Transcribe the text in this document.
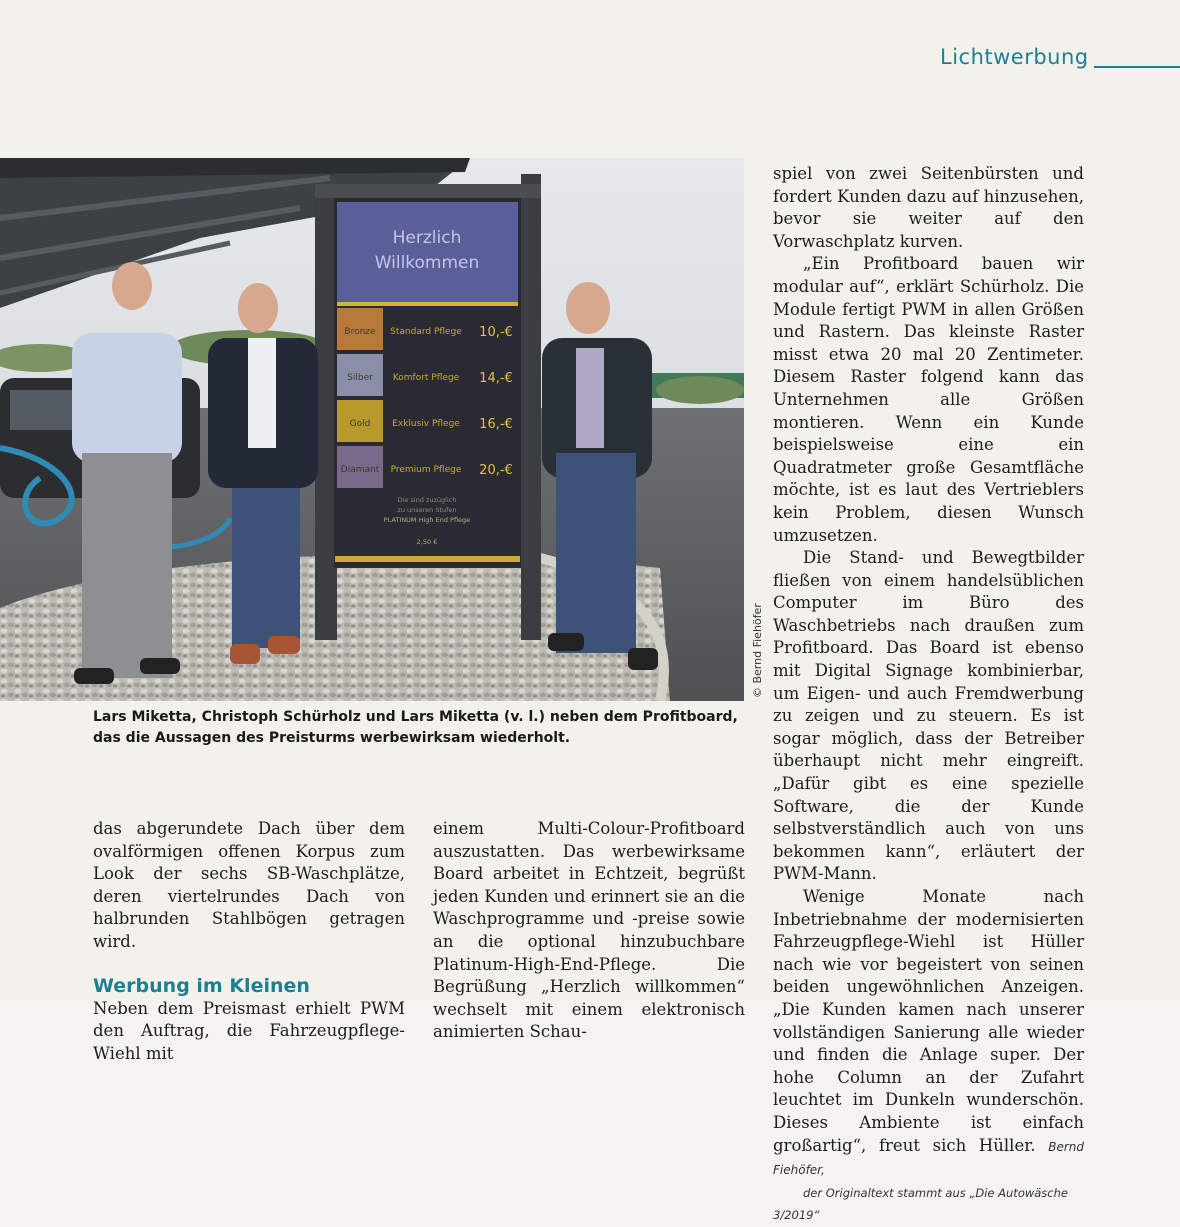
Lichtwerbung
Herzlich
Willkommen
Bronze Standard Pflege 10,-€
Silber Komfort Pflege 14,-€
Gold Exklusiv Pflege 16,-€
Diamant Premium Pflege 20,-€
Die sind zuzüglich
zu unseren Stufen
PLATINUM High End Pflege
2,50 €
© Bernd Fiehöfer
Lars Miketta, Christoph Schürholz und Lars Miketta (v. l.) neben dem Profitboard, das die Aussagen des Preisturms werbewirksam wiederholt.

das abgerundete Dach über dem ovalförmigen offenen Korpus zum Look der sechs SB-Waschplätze, deren viertelrundes Dach von halbrunden Stahlbögen getragen wird.

Werbung im Kleinen

Neben dem Preismast erhielt PWM den Auftrag, die Fahrzeugpflege-Wiehl mit

einem Multi-Colour-Profitboard auszustatten. Das werbewirksame Board arbeitet in Echtzeit, begrüßt jeden Kunden und erinnert sie an die Waschprogramme und -preise sowie an die optional hinzubuchbare Platinum-High-End-Pflege. Die Begrüßung „Herzlich willkommen“ wechselt mit einem elektronisch animierten Schau-

spiel von zwei Seitenbürsten und fordert Kunden dazu auf hinzusehen, bevor sie weiter auf den Vorwaschplatz kurven.

„Ein Profitboard bauen wir modular auf“, erklärt Schürholz. Die Module fertigt PWM in allen Größen und Rastern. Das kleinste Raster misst etwa 20 mal 20 Zentimeter. Diesem Raster folgend kann das Unternehmen alle Größen montieren. Wenn ein Kunde beispielsweise eine ein Quadratmeter große Gesamtfläche möchte, ist es laut des Vertrieblers kein Problem, diesen Wunsch umzusetzen.

Die Stand- und Bewegtbilder fließen von einem handelsüblichen Computer im Büro des Waschbetriebs nach draußen zum Profitboard. Das Board ist ebenso mit Digital Signage kombinierbar, um Eigen- und auch Fremdwerbung zu zeigen und zu steuern. Es ist sogar möglich, dass der Betreiber überhaupt nicht mehr eingreift. „Dafür gibt es eine spezielle Software, die der Kunde selbstverständlich auch von uns bekommen kann“, erläutert der PWM-Mann.

Wenige Monate nach Inbetriebnahme der modernisierten Fahrzeugpflege-Wiehl ist Hüller nach wie vor begeistert von seinen beiden ungewöhnlichen Anzeigen. „Die Kunden kamen nach unserer vollständigen Sanierung alle wieder und finden die Anlage super. Der hohe Column an der Zufahrt leuchtet im Dunkeln wunderschön. Dieses Ambiente ist einfach großartig“, freut sich Hüller. Bernd Fiehöfer,
der Originaltext stammt aus „Die Autowäsche 3/2019“
